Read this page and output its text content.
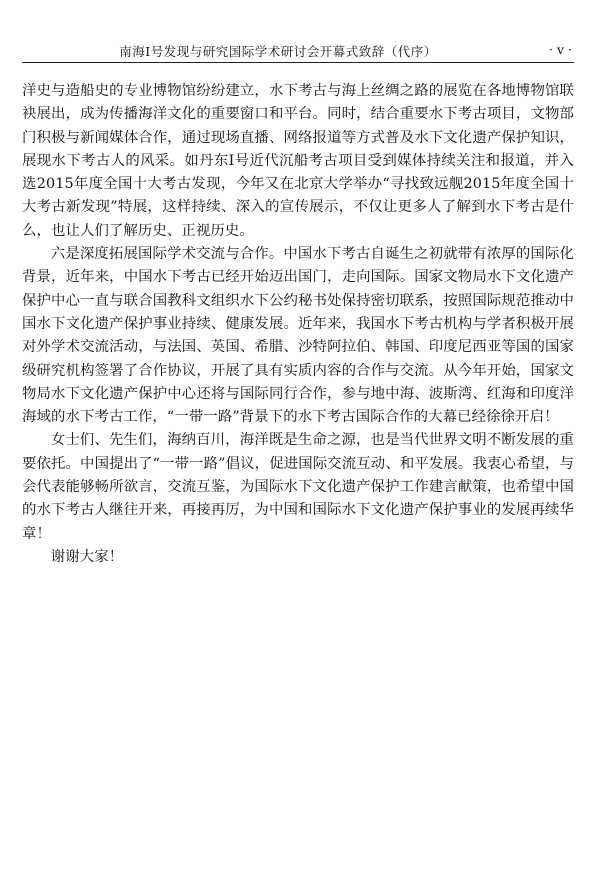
南海Ⅰ号发现与研究国际学术研讨会开幕式致辞（代序）	· v ·

洋史与造船史的专业博物馆纷纷建立，水下考古与海上丝绸之路的展览在各地博物馆联袂展出，成为传播海洋文化的重要窗口和平台。同时，结合重要水下考古项目，文物部门积极与新闻媒体合作，通过现场直播、网络报道等方式普及水下文化遗产保护知识，展现水下考古人的风采。如丹东Ⅰ号近代沉船考古项目受到媒体持续关注和报道，并入选2015年度全国十大考古发现，今年又在北京大学举办“寻找致远舰2015年度全国十大考古新发现”特展，这样持续、深入的宣传展示，不仅让更多人了解到水下考古是什么，也让人们了解历史、正视历史。

六是深度拓展国际学术交流与合作。中国水下考古自诞生之初就带有浓厚的国际化背景，近年来，中国水下考古已经开始迈出国门，走向国际。国家文物局水下文化遗产保护中心一直与联合国教科文组织水下公约秘书处保持密切联系，按照国际规范推动中国水下文化遗产保护事业持续、健康发展。近年来，我国水下考古机构与学者积极开展对外学术交流活动，与法国、英国、希腊、沙特阿拉伯、韩国、印度尼西亚等国的国家级研究机构签署了合作协议，开展了具有实质内容的合作与交流。从今年开始，国家文物局水下文化遗产保护中心还将与国际同行合作，参与地中海、波斯湾、红海和印度洋海域的水下考古工作，“一带一路”背景下的水下考古国际合作的大幕已经徐徐开启！

女士们、先生们，海纳百川，海洋既是生命之源，也是当代世界文明不断发展的重要依托。中国提出了“一带一路”倡议，促进国际交流互动、和平发展。我衷心希望，与会代表能够畅所欲言，交流互鉴，为国际水下文化遗产保护工作建言献策，也希望中国的水下考古人继往开来，再接再厉，为中国和国际水下文化遗产保护事业的发展再续华章！

谢谢大家！
